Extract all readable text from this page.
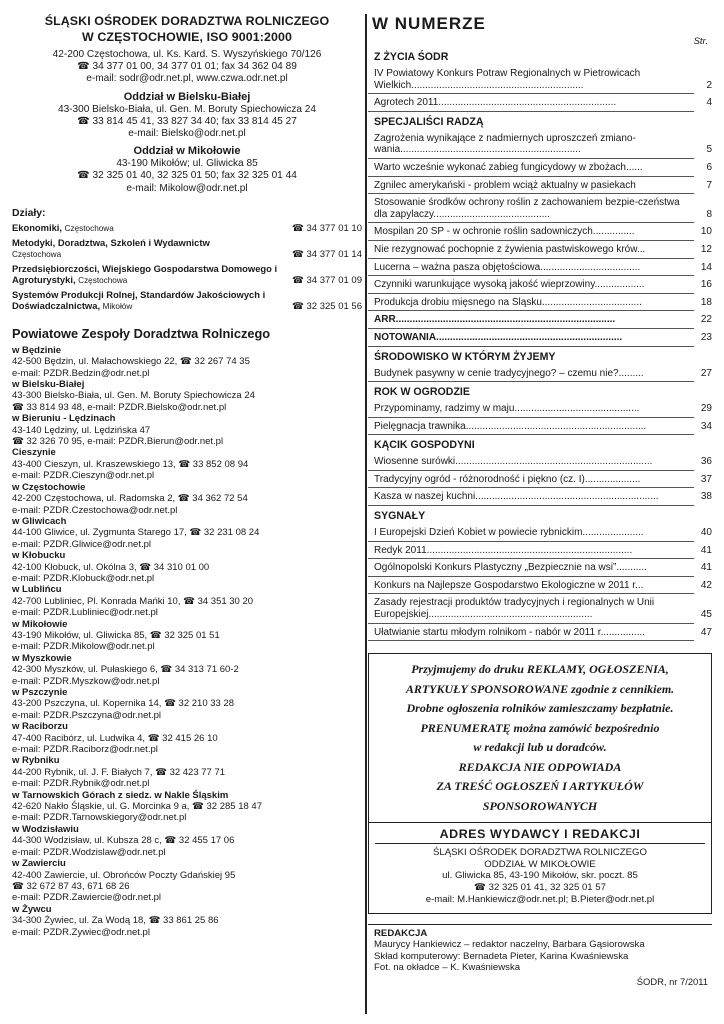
ŚLĄSKI OŚRODEK DORADZTWA ROLNICZEGO
W CZĘSTOCHOWIE, ISO 9001:2000
42-200 Częstochowa, ul. Ks. Kard. S. Wyszyńskiego 70/126
☎ 34 377 01 00, 34 377 01 01; fax 34 362 04 89
e-mail: sodr@odr.net.pl, www.czwa.odr.net.pl
Oddział w Bielsku-Białej
43-300 Bielsko-Biała, ul. Gen. M. Boruty Spiechowicza 24
☎ 33 814 45 41, 33 827 34 40; fax 33 814 45 27
e-mail: Bielsko@odr.net.pl
Oddział w Mikołowie
43-190 Mikołów; ul. Gliwicka 85
☎ 32 325 01 40, 32 325 01 50; fax 32 325 01 44
e-mail: Mikolow@odr.net.pl
Działy:
Ekonomiki, Częstochowa	☎ 34 377 01 10
Metodyki, Doradztwa, Szkoleń i Wydawnictw
Częstochowa	☎ 34 377 01 14
Przedsiębiorczości, Wiejskiego Gospodarstwa Domowego i Agroturystyki, Częstochowa	☎ 34 377 01 09
Systemów Produkcji Rolnej, Standardów Jakościowych i Doświadczalnictwa, Mikołów	☎ 32 325 01 56
Powiatowe Zespoły Doradztwa Rolniczego
w Będzinie
42-500 Będzin, ul. Małachowskiego 22, ☎ 32 267 74 35
e-mail: PZDR.Bedzin@odr.net.pl
w Bielsku-Białej
43-300 Bielsko-Biała, ul. Gen. M. Boruty Spiechowicza 24
☎ 33 814 93 48, e-mail: PZDR.Bielsko@odr.net.pl
w Bieruniu - Lędzinach
43-140 Lędziny, ul. Lędzińska 47
☎ 32 326 70 95, e-mail: PZDR.Bierun@odr.net.pl
Cieszynie
43-400 Cieszyn, ul. Kraszewskiego 13, ☎ 33 852 08 94
e-mail: PZDR.Cieszyn@odr.net.pl
w Częstochowie
42-200 Częstochowa, ul. Radomska 2, ☎ 34 362 72 54
e-mail: PZDR.Czestochowa@odr.net.pl
w Gliwicach
44-100 Gliwice, ul. Zygmunta Starego 17, ☎ 32 231 08 24
e-mail: PZDR.Gliwice@odr.net.pl
w Kłobucku
42-100 Kłobuck, ul. Okólna 3, ☎ 34 310 01 00
e-mail: PZDR.Klobuck@odr.net.pl
w Lublińcu
42-700 Lubliniec, Pl. Konrada Mańki 10, ☎ 34 351 30 20
e-mail: PZDR.Lubliniec@odr.net.pl
w Mikołowie
43-190 Mikołów, ul. Gliwicka 85, ☎ 32 325 01 51
e-mail: PZDR.Mikolow@odr.net.pl
w Myszkowie
42-300 Myszków, ul. Pułaskiego 6, ☎ 34 313 71 60-2
e-mail: PZDR.Myszkow@odr.net.pl
w Pszczynie
43-200 Pszczyna, ul. Kopernika 14, ☎ 32 210 33 28
e-mail: PZDR.Pszczyna@odr.net.pl
w Raciborzu
47-400 Racibórz, ul. Ludwika 4, ☎ 32 415 26 10
e-mail: PZDR.Raciborz@odr.net.pl
w Rybniku
44-200 Rybnik, ul. J. F. Białych 7, ☎ 32 423 77 71
e-mail: PZDR.Rybnik@odr.net.pl
w Tarnowskich Górach z siedz. w Nakle Śląskim
42-620 Nakło Śląskie, ul. G. Morcinka 9 a, ☎ 32 285 18 47
e-mail: PZDR.Tarnowskiegory@odr.net.pl
w Wodzisławiu
44-300 Wodzisław, ul. Kubsza 28 c, ☎ 32 455 17 06
e-mail: PZDR.Wodzislaw@odr.net.pl
w Zawierciu
42-400 Zawiercie, ul. Obrońców Poczty Gdańskiej 95
☎ 32 672 87 43, 671 68 26
e-mail: PZDR.Zawiercie@odr.net.pl
w Żywcu
34-300 Żywiec, ul. Za Wodą 18, ☎ 33 861 25 86
e-mail: PZDR.Zywiec@odr.net.pl
W NUMERZE
Str.
Z ŻYCIA ŚODR
IV Powiatowy Konkurs Potraw Regionalnych w Pietrowicach Wielkich..............................................................	2
Agrotech 2011................................................................	4
SPECJALIŚCI RADZĄ
Zagrożenia wynikające z nadmiernych uproszczeń zmiano-wania.................................................................	5
Warto wcześnie wykonać zabieg fungicydowy w zbożach......	6
Zgnilec amerykański - problem wciąż aktualny w pasiekach	7
Stosowanie środków ochrony roślin z zachowaniem bezpie-czeństwa dla zapylaczy..........................................	8
Mospilan 20 SP - w ochronie roślin sadowniczych...............	10
Nie rezygnować pochopnie z żywienia pastwiskowego krów...	12
Lucerna – ważna pasza objętościowa....................................	14
Czynniki warunkujące wysoką jakość wieprzowiny..................	16
Produkcja drobiu mięsnego na Śląsku....................................	18
ARR...............................................................................	22
NOTOWANIA...................................................................	23
ŚRODOWISKO W KTÓRYM ŻYJEMY
Budynek pasywny w cenie tradycyjnego? – czemu nie?.........	27
ROK W OGRODZIE
Przypominamy, radzimy w maju.............................................	29
Pielęgnacja trawnika.................................................................	34
KĄCIK GOSPODYNI
Wiosenne surówki.......................................................................	36
Tradycyjny ogród - różnorodność i piękno (cz. I)....................	37
Kasza w naszej kuchni..................................................................	38
SYGNAŁY
I Europejski Dzień Kobiet w powiecie rybnickim......................	40
Redyk 2011..........................................................................	41
Ogólnopolski Konkurs Plastyczny „Bezpiecznie na wsi”...........	41
Konkurs na Najlepsze Gospodarstwo Ekologiczne w 2011 r...	42
Zasady rejestracji produktów tradycyjnych i regionalnych w Unii Europejskiej...........................................................	45
Ułatwianie startu młodym rolnikom - nabór w 2011 r................	47
Przyjmujemy do druku REKLAMY, OGŁOSZENIA,
ARTYKUŁY SPONSOROWANE zgodnie z cennikiem.
Drobne ogłoszenia rolników zamieszczamy bezpłatnie.
PRENUMERATĘ można zamówić bezpośrednio
w redakcji lub u doradców.
REDAKCJA NIE ODPOWIADA
ZA TREŚĆ OGŁOSZEŃ I ARTYKUŁÓW
SPONSOROWANYCH
ADRES WYDAWCY I REDAKCJI
ŚLĄSKI OŚRODEK DORADZTWA ROLNICZEGO
ODDZIAŁ W MIKOŁOWIE
ul. Gliwicka 85, 43-190 Mikołów, skr. poczt. 85
☎ 32 325 01 41, 32 325 01 57
e-mail: M.Hankiewicz@odr.net.pl; B.Pieter@odr.net.pl
REDAKCJA
Maurycy Hankiewicz – redaktor naczelny, Barbara Gąsiorowska
Skład komputerowy: Bernadeta Pieter, Karina Kwaśniewska
Fot. na okładce – K. Kwaśniewska
ŚODR, nr 7/2011
